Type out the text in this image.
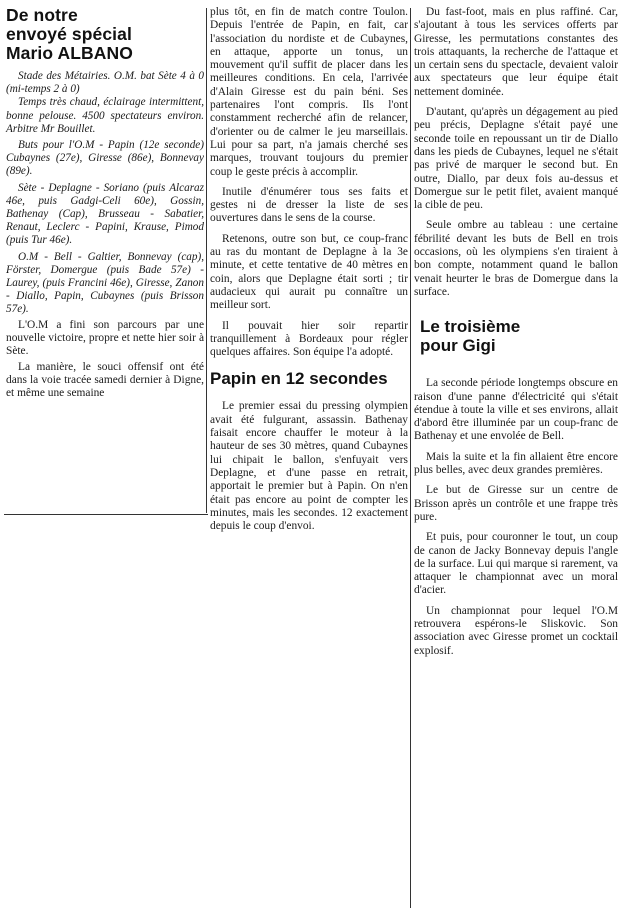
De notre
envoyé spécial
Mario ALBANO

Stade des Métairies. O.M. bat Sète 4 à 0 (mi-temps 2 à 0)

Temps très chaud, éclairage intermittent, bonne pelouse. 4500 spectateurs environ. Arbitre Mr Bouillet.

Buts pour l'O.M - Papin (12e seconde) Cubaynes (27e), Giresse (86e), Bonnevay (89e).

Sète - Deplagne - Soriano (puis Alcaraz 46e, puis Gadgi-Celi 60e), Gossin, Bathenay (Cap), Brusseau - Sabatier, Renaut, Leclerc - Papini, Krause, Pimod (puis Tur 46e).

O.M - Bell - Galtier, Bonnevay (cap), Förster, Domergue (puis Bade 57e) - Laurey, (puis Francini 46e), Giresse, Zanon - Diallo, Papin, Cubaynes (puis Brisson 57e).

L'O.M a fini son parcours par une nouvelle victoire, propre et nette hier soir à Sète.

La manière, le souci offensif ont été dans la voie tracée samedi dernier à Digne, et même une semaine

plus tôt, en fin de match contre Toulon. Depuis l'entrée de Papin, en fait, car l'association du nordiste et de Cubaynes, en attaque, apporte un tonus, un mouvement qu'il suffit de placer dans les meilleures conditions. En cela, l'arrivée d'Alain Giresse est du pain béni. Ses partenaires l'ont compris. Ils l'ont constamment recherché afin de relancer, d'orienter ou de calmer le jeu marseillais. Lui pour sa part, n'a jamais cherché ses marques, trouvant toujours du premier coup le geste précis à accomplir.

Inutile d'énumérer tous ses faits et gestes ni de dresser la liste de ses ouvertures dans le sens de la course.

Retenons, outre son but, ce coup-franc au ras du montant de Deplagne à la 3e minute, et cette tentative de 40 mètres en coin, alors que Deplagne était sorti ; tir audacieux qui aurait pu connaître un meilleur sort.

Il pouvait hier soir repartir tranquillement à Bordeaux pour régler quelques affaires. Son équipe l'a adopté.

Papin en 12 secondes

Le premier essai du pressing olympien avait été fulgurant, assassin. Bathenay faisait encore chauffer le moteur à la hauteur de ses 30 mètres, quand Cubaynes lui chipait le ballon, s'enfuyait vers Deplagne, et d'une passe en retrait, apportait le premier but à Papin. On n'en était pas encore au point de compter les minutes, mais les secondes. 12 exactement depuis le coup d'envoi.

Du fast-foot, mais en plus raffiné. Car, s'ajoutant à tous les services offerts par Giresse, les permutations constantes des trois attaquants, la recherche de l'attaque et un certain sens du spectacle, devaient valoir aux spectateurs que leur équipe était nettement dominée.

D'autant, qu'après un dégagement au pied peu précis, Deplagne s'était payé une seconde toile en repoussant un tir de Diallo dans les pieds de Cubaynes, lequel ne s'était pas privé de marquer le second but. En outre, Diallo, par deux fois au-dessus et Domergue sur le petit filet, avaient manqué la cible de peu.

Seule ombre au tableau : une certaine fébrilité devant les buts de Bell en trois occasions, où les olympiens s'en tiraient à bon compte, notamment quand le ballon venait heurter le bras de Domergue dans la surface.

Le troisième
pour Gigi

La seconde période longtemps obscure en raison d'une panne d'électricité qui s'était étendue à toute la ville et ses environs, allait d'abord être illuminée par un coup-franc de Bathenay et une envolée de Bell.

Mais la suite et la fin allaient être encore plus belles, avec deux grandes premières.

Le but de Giresse sur un centre de Brisson après un contrôle et une frappe très pure.

Et puis, pour couronner le tout, un coup de canon de Jacky Bonnevay depuis l'angle de la surface. Lui qui marque si rarement, va attaquer le championnat avec un moral d'acier.

Un championnat pour lequel l'O.M retrouvera espérons-le Sliskovic. Son association avec Giresse promet un cocktail explosif.
